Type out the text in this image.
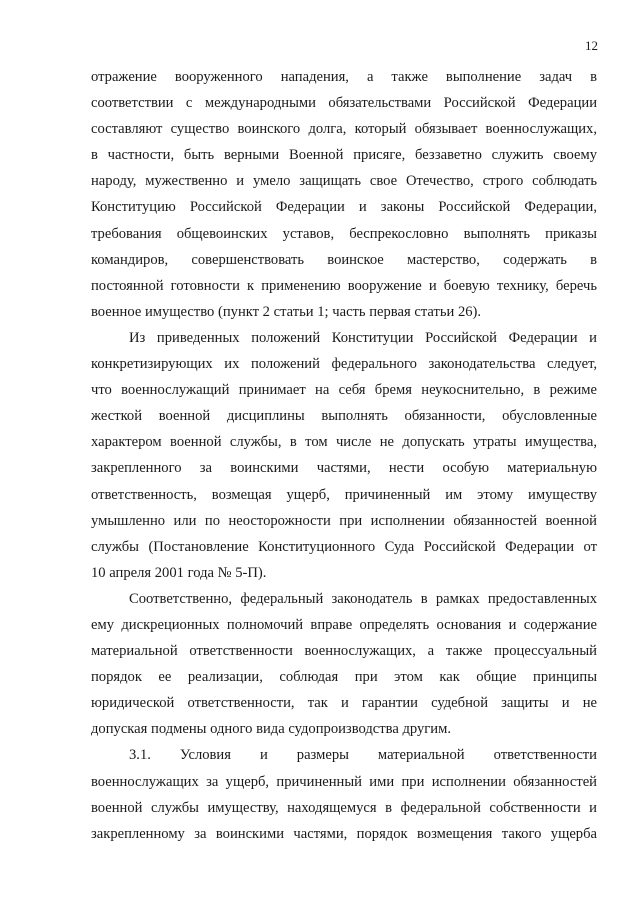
12
отражение вооруженного нападения, а также выполнение задач в
соответствии с международными обязательствами Российской Федерации
составляют существо воинского долга, который обязывает военнослужащих,
в частности, быть верными Военной присяге, беззаветно служить своему
народу, мужественно и умело защищать свое Отечество, строго соблюдать
Конституцию Российской Федерации и законы Российской Федерации,
требования общевоинских уставов, беспрекословно выполнять приказы
командиров, совершенствовать воинское мастерство, содержать в
постоянной готовности к применению вооружение и боевую технику, беречь
военное имущество (пункт 2 статьи 1; часть первая статьи 26).
Из приведенных положений Конституции Российской Федерации и
конкретизирующих их положений федерального законодательства следует,
что военнослужащий принимает на себя бремя неукоснительно, в режиме
жесткой военной дисциплины выполнять обязанности, обусловленные
характером военной службы, в том числе не допускать утраты имущества,
закрепленного за воинскими частями, нести особую материальную
ответственность, возмещая ущерб, причиненный им этому имуществу
умышленно или по неосторожности при исполнении обязанностей военной
службы (Постановление Конституционного Суда Российской Федерации от
10 апреля 2001 года № 5-П).
Соответственно, федеральный законодатель в рамках предоставленных
ему дискреционных полномочий вправе определять основания и содержание
материальной ответственности военнослужащих, а также процессуальный
порядок ее реализации, соблюдая при этом как общие принципы
юридической ответственности, так и гарантии судебной защиты и не
допуская подмены одного вида судопроизводства другим.
3.1. Условия и размеры материальной ответственности
военнослужащих за ущерб, причиненный ими при исполнении обязанностей
военной службы имуществу, находящемуся в федеральной собственности и
закрепленному за воинскими частями, порядок возмещения такого ущерба
